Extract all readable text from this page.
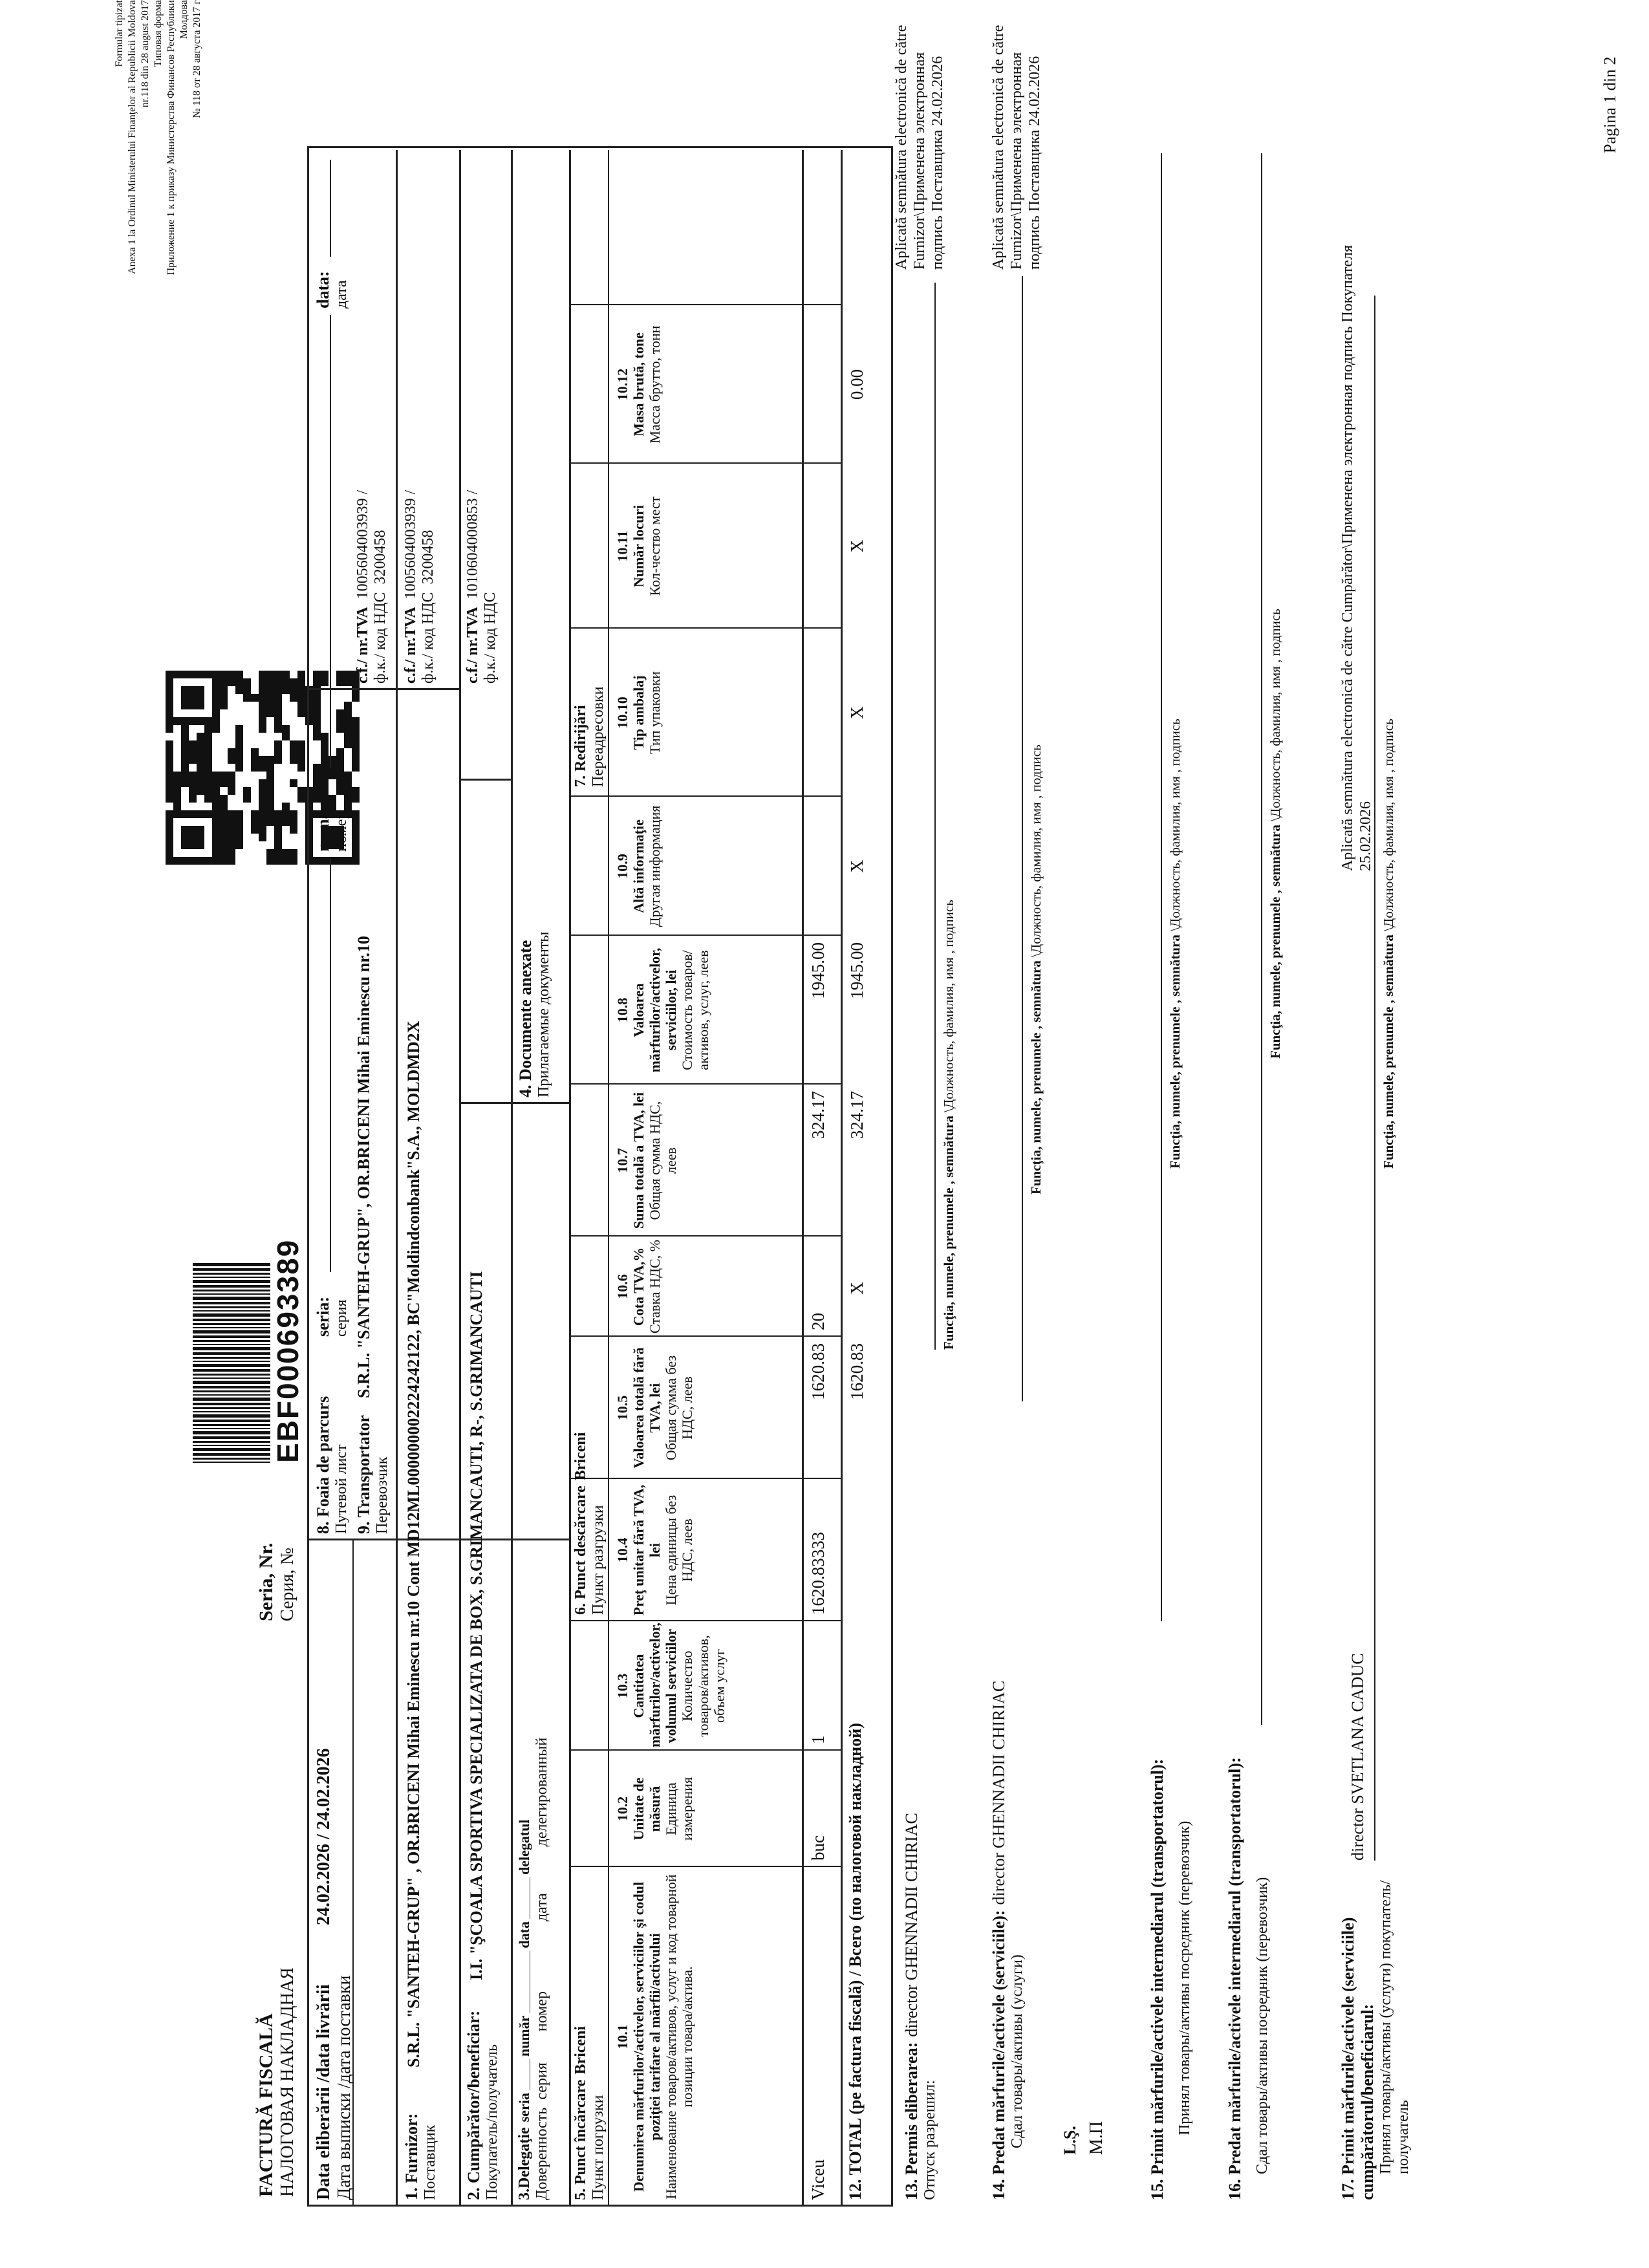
FACTURĂ FISCALĂ НАЛОГОВАЯ НАКЛАДНАЯ
Seria, Nr. Серия, №
EBF000693389
Formular tipizat Anexa 1 la Ordinul Ministerului Finanţelor al Republicii Moldova nr.118 din 28 august 2017 Типовая форма Приложение 1 к приказу Министерства Финансов Республики Молдова № 118 от 28 августа 2017 г
Data eliberării /data livrării Дата выписки /дата поставки
24.02.2026 / 24.02.2026
8. Foaia de parcurs Путевой лист
seria: серия
număr: номер
data: дата
9. Transportator Перевозчик
S.R.L. "SANTEH-GRUP", OR.BRICENI Mihai Eminescu nr.10
1. Furnizor: Поставщик
S.R.L. "SANTEH-GRUP" , OR.BRICENI Mihai Eminescu nr.10 Cont MD12ML000000002224242122, BC"Moldindconbank"S.A., MOLDMD2X
c.f./ nr.TVA  1005604003939 /
ф.к./ код НДС  3200458
c.f./ nr.TVA  1005604003939 /
ф.к./ код НДС  3200458
2. Cumpărător/beneficiar: Покупатель/получатель
I.I. "ŞCOALA SPORTIVA SPECIALIZATA DE BOX, S.GRIMANCAUTI, R-, S.GRIMANCAUTI
c.f./ nr.TVA  1010604000853 /
ф.к./ код НДС
3.Delegaţie  seria ______ număr ____________ data ________ delegatul
Доверенность  серия        номер                  дата            делегированный
4. Documente anexate Прилагаемые документы
5. Punct încărcare  Briceni
Пункт погрузки
6. Punct descărcare  Briceni
Пункт разгрузки
7. Redirijări Переадресовки
10.1 Denumirea mărfurilor/activelor, serviciilor şi codul poziţiei tarifare al mărfii/activului Наименование товаров/активов, услуг и код товарной позиции товара/актива.
10.2 Unitate de măsură Единица измерения
10.3 Cantitatea mărfurilor/activelor, volumul serviciilor Количество товаров/активов, объем услуг
10.4 Preţ unitar fără TVA, lei Цена единицы без НДС, леев
10.5 Valoarea totală fără TVA, lei Общая сумма без НДС, леев
10.6 Cota TVA,% Ставка НДС, %
10.7 Suma totală a TVA, lei Общая сумма НДС, леев
10.8 Valoarea mărfurilor/activelor, serviciilor, lei Стоимость товаров/активов, услуг, леев
10.9 Altă informaţie Другая информация
10.10 Tip ambalaj Тип упаковки
10.11 Număr locuri Кол-чество мест
10.12 Masa brută, tone Масса брутто, тонн
Viceu
buc
1
1620.83333
1620.83
20
324.17
1945.00
12. TOTAL (pe factura fiscală) / Всего (по налоговой накладной)
1620.83
X
324.17
1945.00
X
X
X
0.00
13. Permis eliberarea:  director GHENNADII CHIRIAC
Отпуск разрешил:
Funcţia, numele, prenumele , semnătura \Должность, фамилия, имя , подпись
Aplicată semnătura electronică de către Furnizor\Применена электронная подпись Поставщика 24.02.2026
14. Predat mărfurile/activele (serviciile):  director GHENNADII CHIRIAC
Сдал товары/активы (услуги)
Funcţia, numele, prenumele , semnătura \Должность, фамилия, имя , подпись
Aplicată semnătura electronică de către Furnizor\Применена электронная подпись Поставщика 24.02.2026
L.Ş. М.П 15. Primit mărfurile/activele intermediarul (transportatorul): Принял товары/активы посредник (перевозчик)
Funcţia, numele, prenumele , semnătura \Должность, фамилия, имя , подпись
16. Predat mărfurile/activele intermediarul (transportatorul): Сдал товары/активы посредник (перевозчик)
Funcţia, numele, prenumele , semnătura \Должность, фамилия, имя , подпись
17. Primit mărfurile/activele (serviciile) cumpărătorul/beneficiarul: Принял товары/активы (услуги) покупатель/получатель
director SVETLANA CADUC
Funcţia, numele, prenumele , semnătura \Должность, фамилия, имя , подпись
Aplicată semnătura electronică de către Cumpărător\Применена электронная подпись Покупателя 25.02.2026
Pagina 1 din 2
